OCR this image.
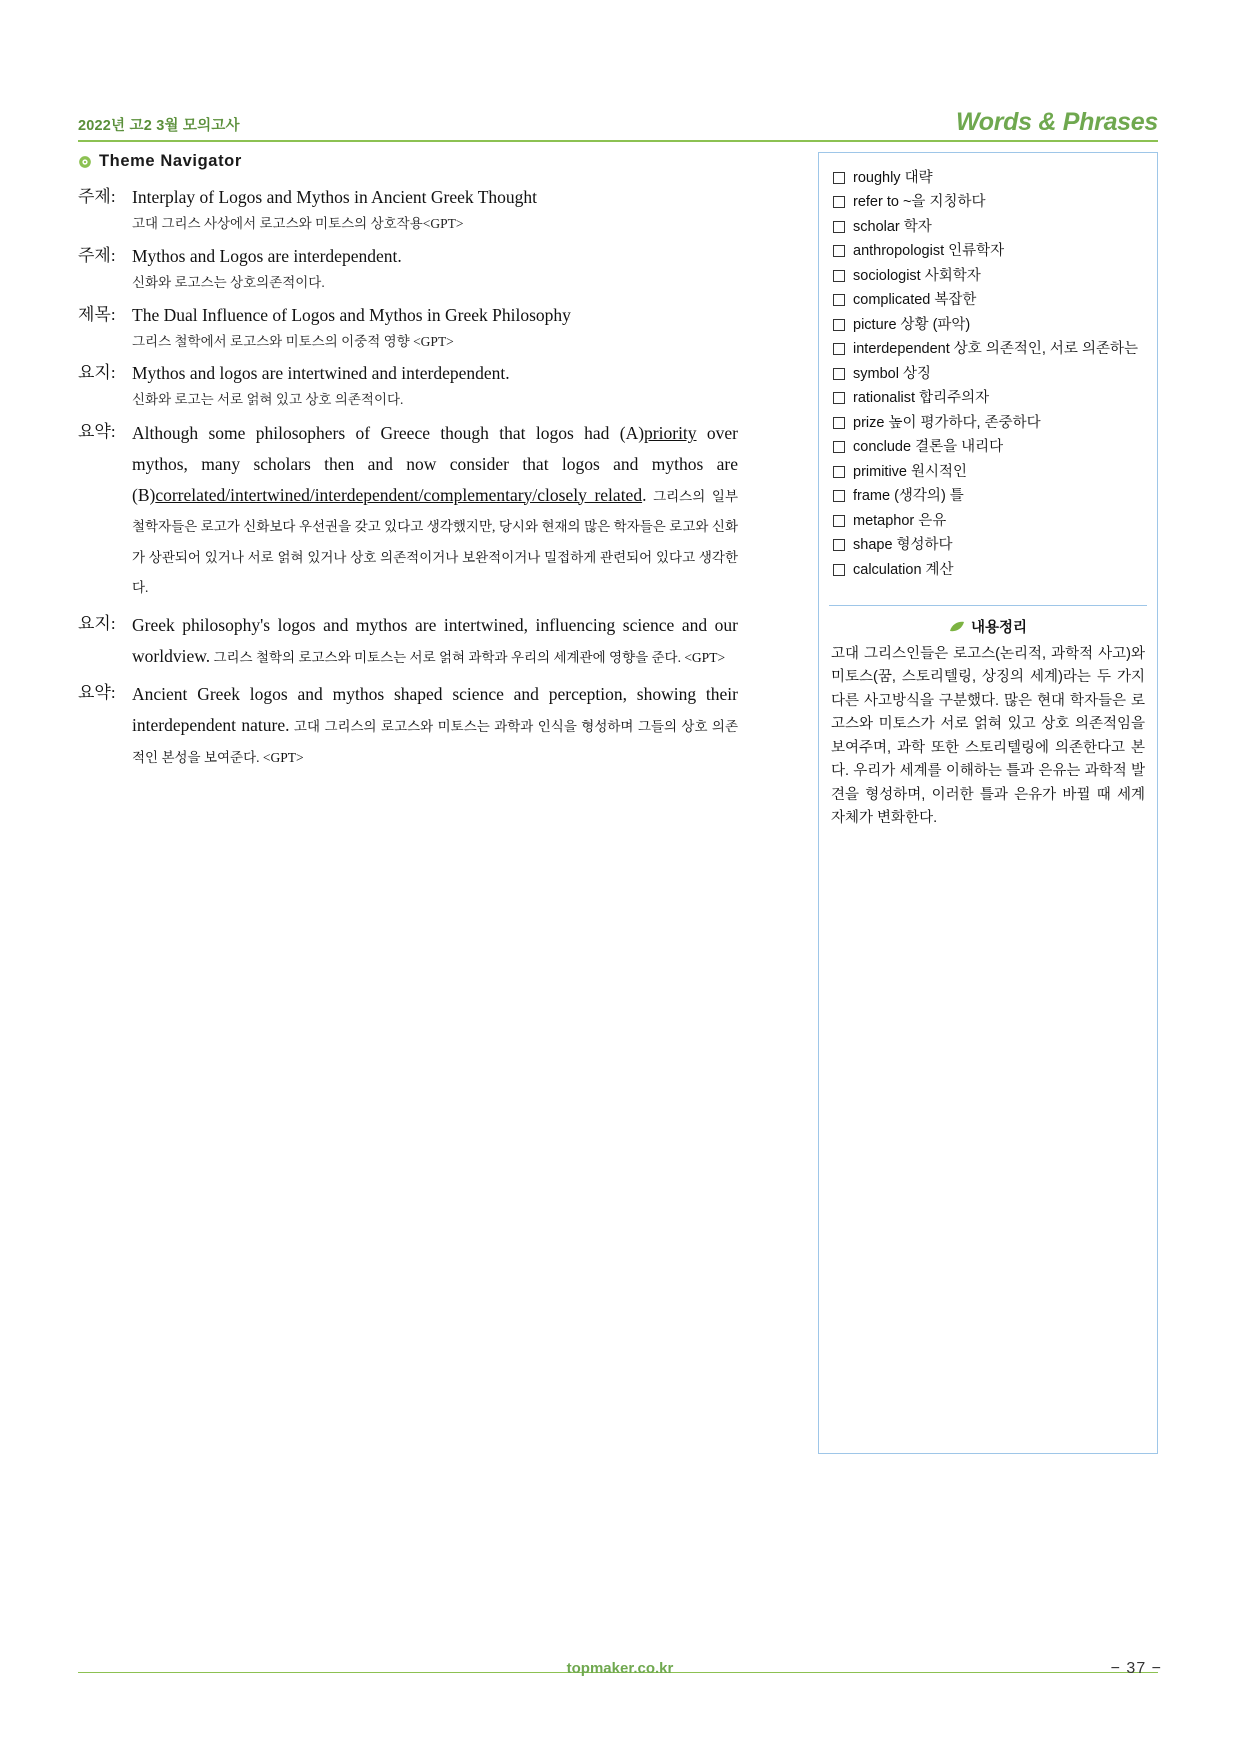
2022년 고2 3월 모의고사	Words & Phrases
Theme Navigator
주제: Interplay of Logos and Mythos in Ancient Greek Thought
고대 그리스 사상에서 로고스와 미토스의 상호작용<GPT>
주제: Mythos and Logos are interdependent.
신화와 로고스는 상호의존적이다.
제목: The Dual Influence of Logos and Mythos in Greek Philosophy
그리스 철학에서 로고스와 미토스의 이중적 영향 <GPT>
요지: Mythos and logos are intertwined and interdependent.
신화와 로고는 서로 얽혀 있고 상호 의존적이다.
요약: Although some philosophers of Greece though that logos had (A)priority over mythos, many scholars then and now consider that logos and mythos are (B)correlated/intertwined/interdependent/complementary/closely related. 그리스의 일부 철학자들은 로고가 신화보다 우선권을 갖고 있다고 생각했지만, 당시와 현재의 많은 학자들은 로고와 신화가 상관되어 있거나 서로 얽혀 있거나 상호 의존적이거나 보완적이거나 밀접하게 관련되어 있다고 생각한다.
요지: Greek philosophy's logos and mythos are intertwined, influencing science and our worldview. 그리스 철학의 로고스와 미토스는 서로 얽혀 과학과 우리의 세계관에 영향을 준다. <GPT>
요약: Ancient Greek logos and mythos shaped science and perception, showing their interdependent nature. 고대 그리스의 로고스와 미토스는 과학과 인식을 형성하며 그들의 상호 의존적인 본성을 보여준다. <GPT>
roughly 대략
refer to ~을 지칭하다
scholar 학자
anthropologist 인류학자
sociologist 사회학자
complicated 복잡한
picture 상황 (파악)
interdependent 상호 의존적인, 서로 의존하는
symbol 상징
rationalist 합리주의자
prize 높이 평가하다, 존중하다
conclude 결론을 내리다
primitive 원시적인
frame (생각의) 틀
metaphor 은유
shape 형성하다
calculation 계산
내용정리
고대 그리스인들은 로고스(논리적, 과학적 사고)와 미토스(꿈, 스토리텔링, 상징의 세계)라는 두 가지 다른 사고방식을 구분했다. 많은 현대 학자들은 로고스와 미토스가 서로 얽혀 있고 상호 의존적임을 보여주며, 과학 또한 스토리텔링에 의존한다고 본다. 우리가 세계를 이해하는 틀과 은유는 과학적 발견을 형성하며, 이러한 틀과 은유가 바뀔 때 세계 자체가 변화한다.
topmaker.co.kr	− 37 −
